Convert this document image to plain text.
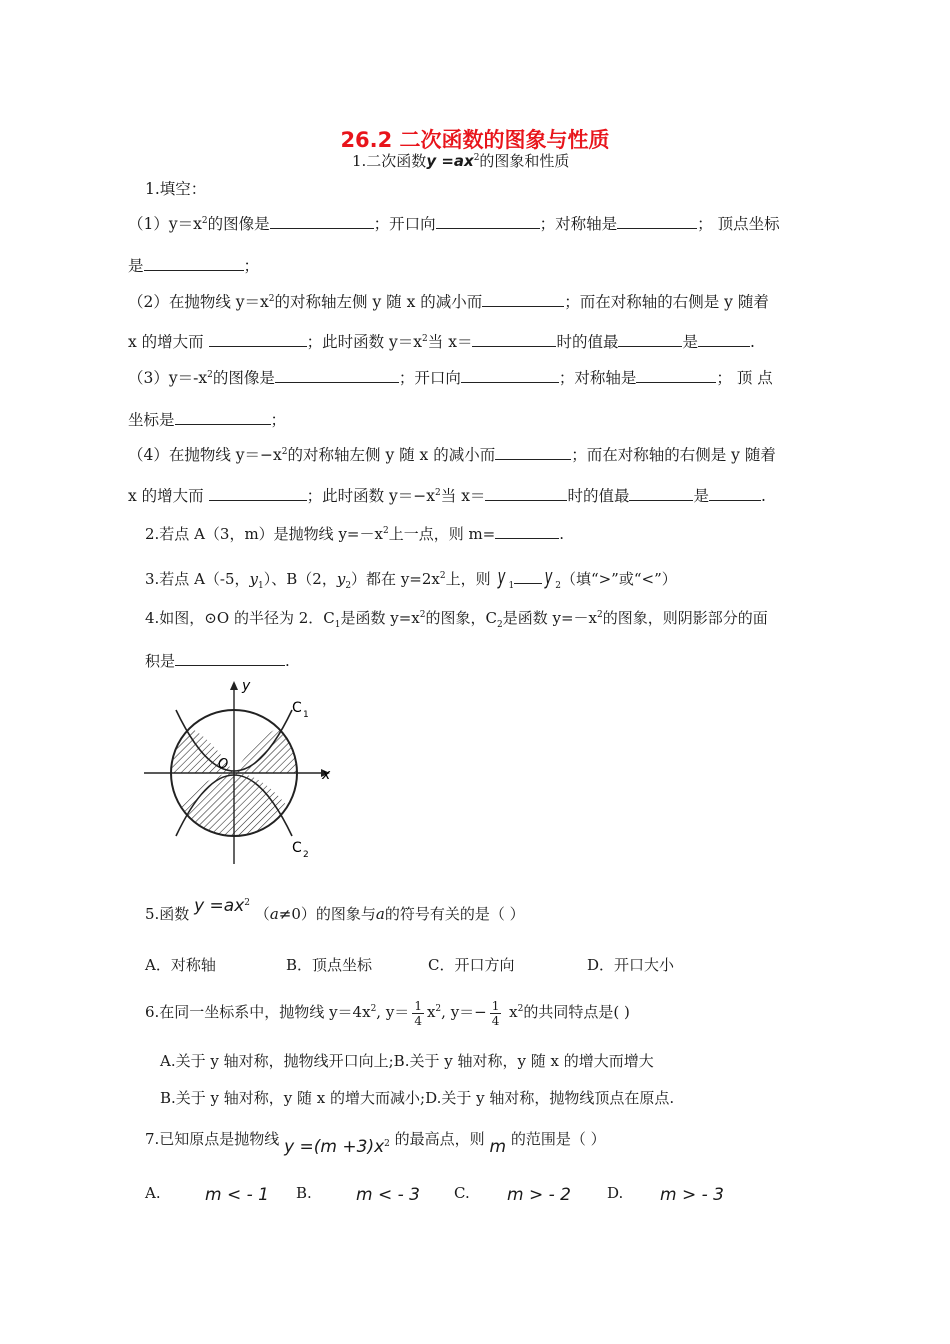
26.2 二次函数的图象与性质
1.二次函数$y =ax^2$的图象和性质
1.填空：
$(1)y=x^2$的图像是	；开口向	；对称轴是	； 顶点坐标
是	；
（2）在抛物线 $y=x^2$的对称轴左侧 y 随 x 的减小而	；而在对称轴的右侧是 y 随着
x 的增大而	；此时函数 $y=x^2$当 x＝	时的值最	是	.
$(3)y=-x^2$的图像是	；开口向	；对称轴是	； 顶 点
坐标是	；
（4）在抛物线 $y=-x^2$的对称轴左侧 y 随 x 的减小而	；而在对称轴的右侧是 y 随着
x 的增大而	；此时函数 $y=-x^2$当 x＝	时的值最	是	.
2.若点 A（3，m）是抛物线 $y=-x^2$上一点，则 m=	.
3.若点 A（-5，$y_1$）、B（2，$y_2$）都在 $y=2x^2$上，则 y $_1$ y $_2$（填“>”或“<”）
4.如图，⊙O 的半径为 2．$C_1$是函数 $y=x^2$的图象，$C_2$是函数 $y=-x^2$的图象，则阴影部分的面
积是	.
y
x
O
C 1
C 2
5.函数 $y =ax^2$ （a≠0）的图象与a的符号有关的是（ ）
A．对称轴	B．顶点坐标	C．开口方向	D．开口大小
6.在同一坐标系中，抛物线 $y=4x^2$, $y= \frac{1}{4} x^2$, $y=- \frac{1}{4} x^2$的共同特点是( )
A.关于 y 轴对称，抛物线开口向上;B.关于 y 轴对称，y 随 x 的增大而增大
B.关于 y 轴对称，y 随 x 的增大而减小;D.关于 y 轴对称，抛物线顶点在原点.
7.已知原点是抛物线 $y =(m +3)x^2$ 的最高点，则 m 的范围是（ ）
A.	m < - 1 B.	m < - 3 C. m > - 2 D. m > - 3
